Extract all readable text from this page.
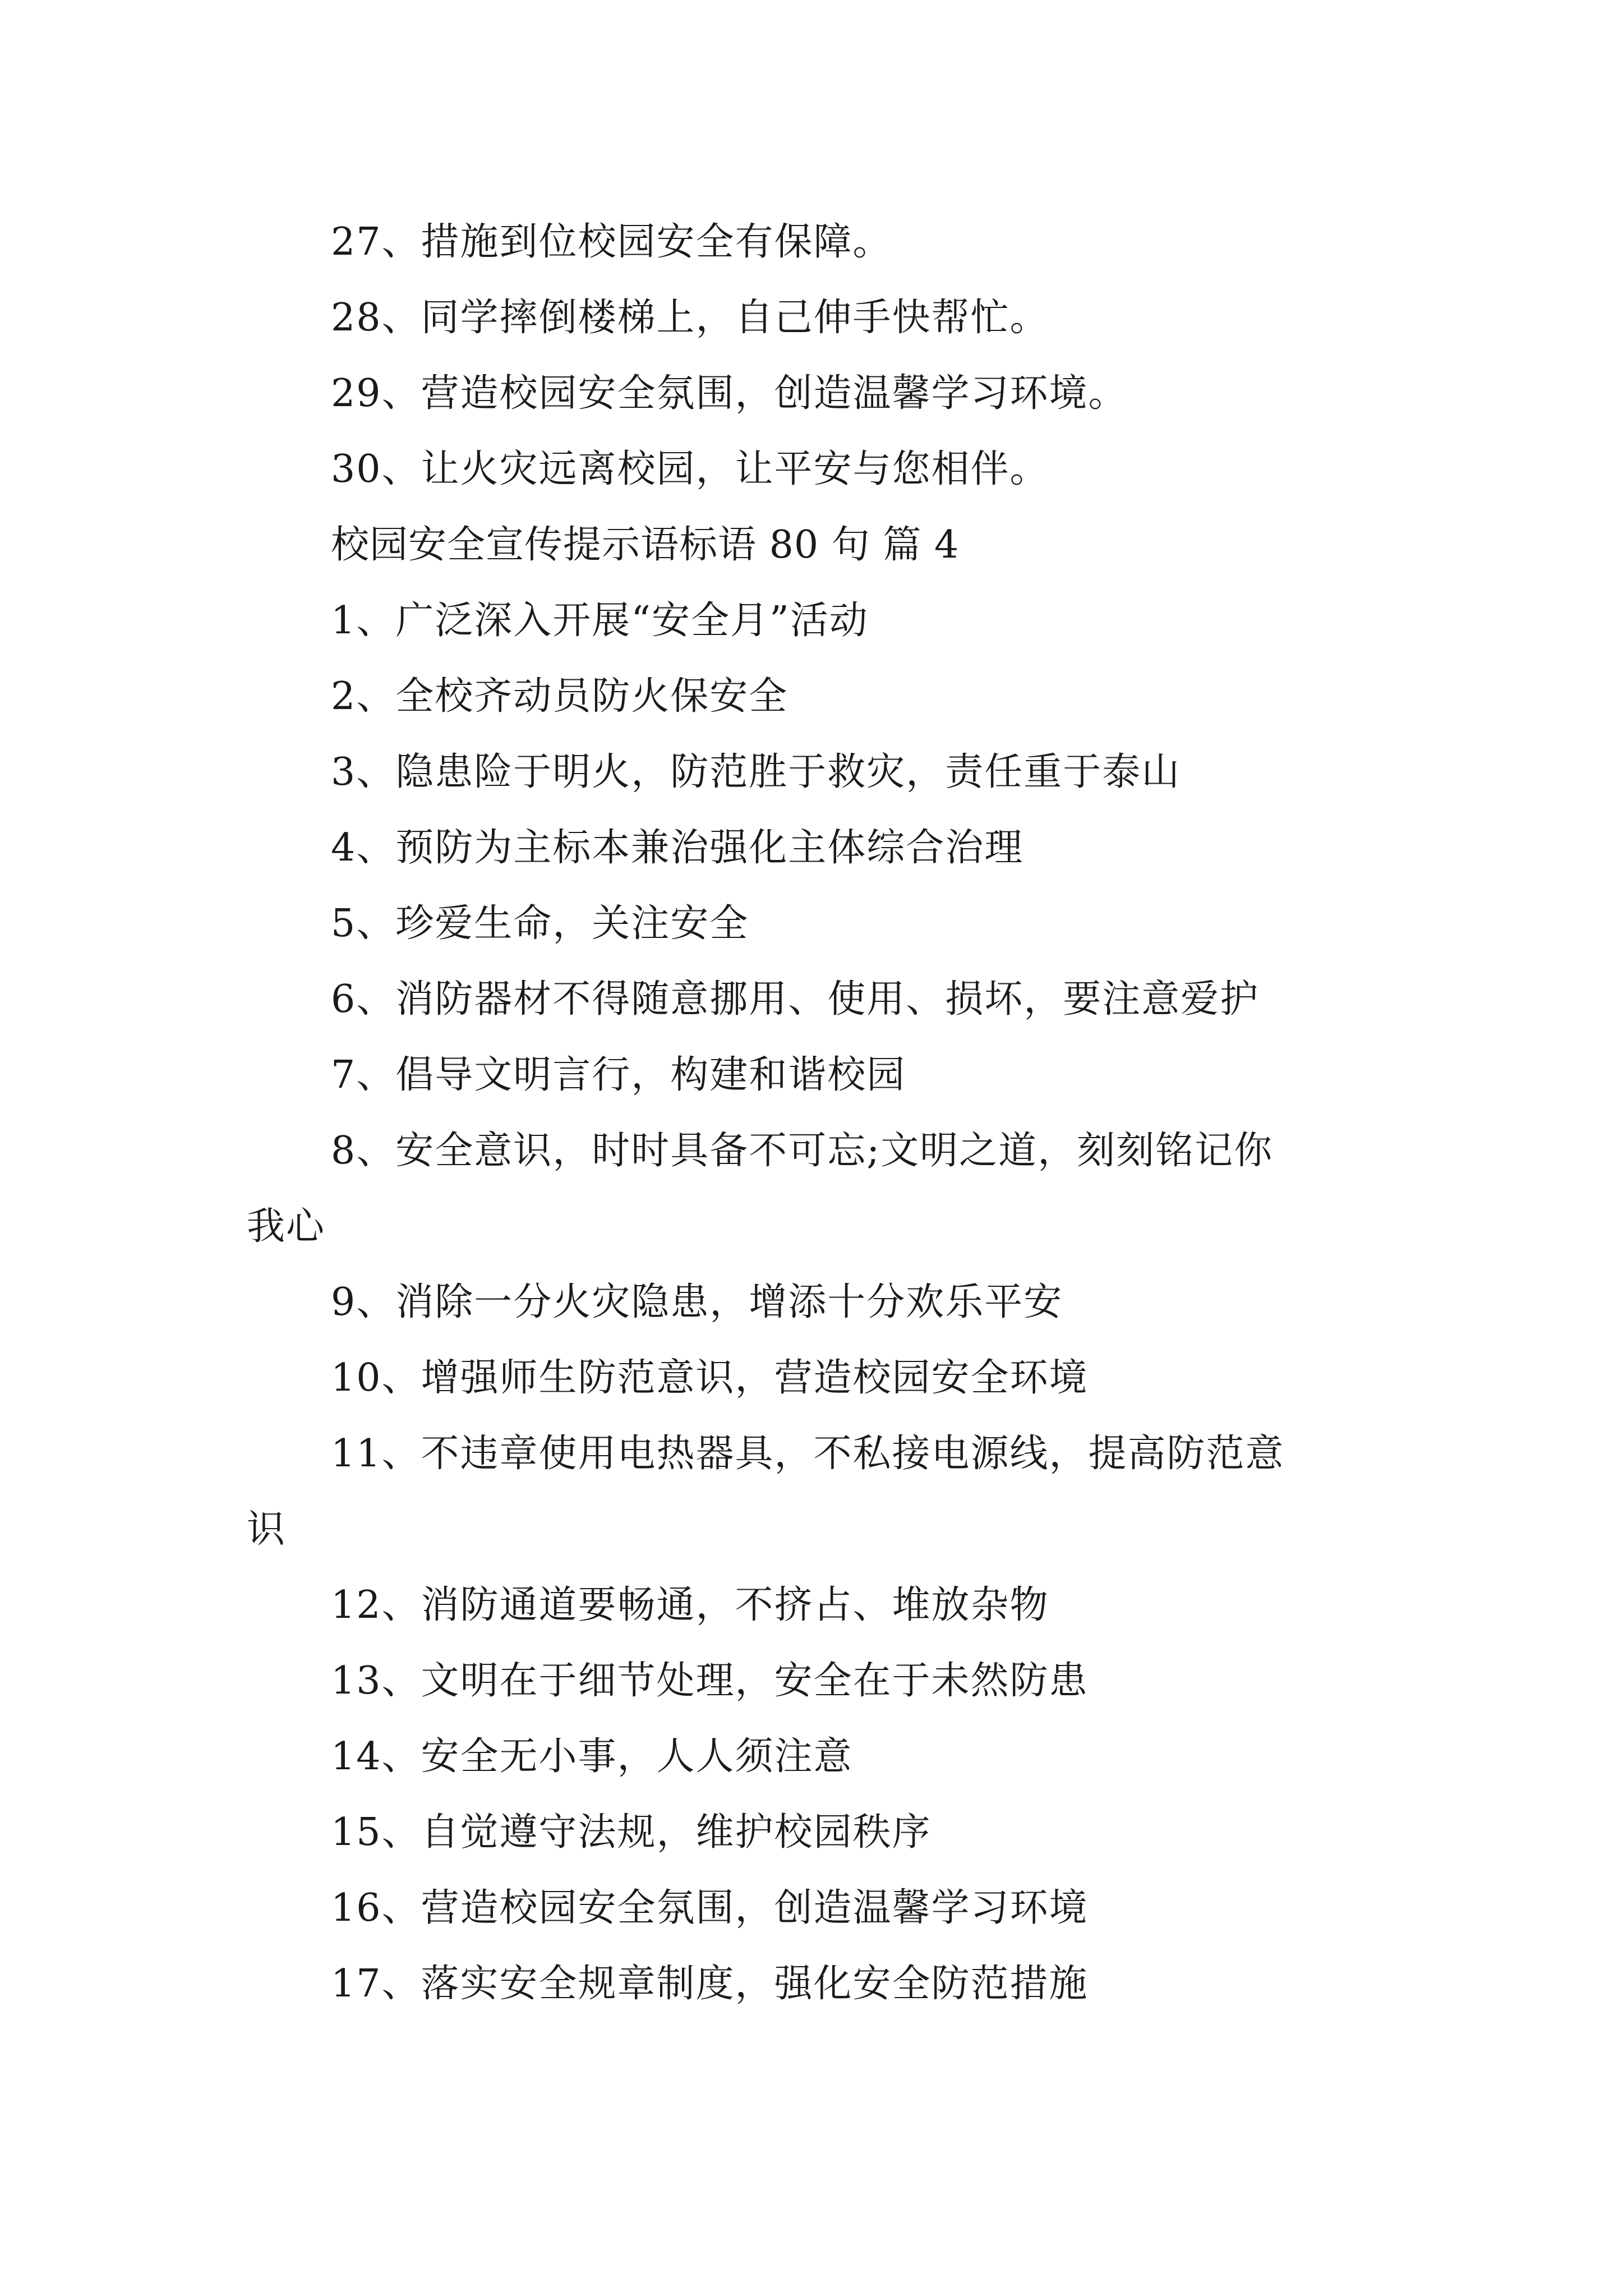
27、措施到位校园安全有保障。
28、同学摔倒楼梯上，自己伸手快帮忙。
29、营造校园安全氛围，创造温馨学习环境。
30、让火灾远离校园，让平安与您相伴。
校园安全宣传提示语标语 80 句 篇 4
1、广泛深入开展“安全月”活动
2、全校齐动员防火保安全
3、隐患险于明火，防范胜于救灾，责任重于泰山
4、预防为主标本兼治强化主体综合治理
5、珍爱生命，关注安全
6、消防器材不得随意挪用、使用、损坏，要注意爱护
7、倡导文明言行，构建和谐校园
8、安全意识，时时具备不可忘;文明之道，刻刻铭记你
我心
9、消除一分火灾隐患，增添十分欢乐平安
10、增强师生防范意识，营造校园安全环境
11、不违章使用电热器具，不私接电源线，提高防范意
识
12、消防通道要畅通，不挤占、堆放杂物
13、文明在于细节处理，安全在于未然防患
14、安全无小事，人人须注意
15、自觉遵守法规，维护校园秩序
16、营造校园安全氛围，创造温馨学习环境
17、落实安全规章制度，强化安全防范措施
